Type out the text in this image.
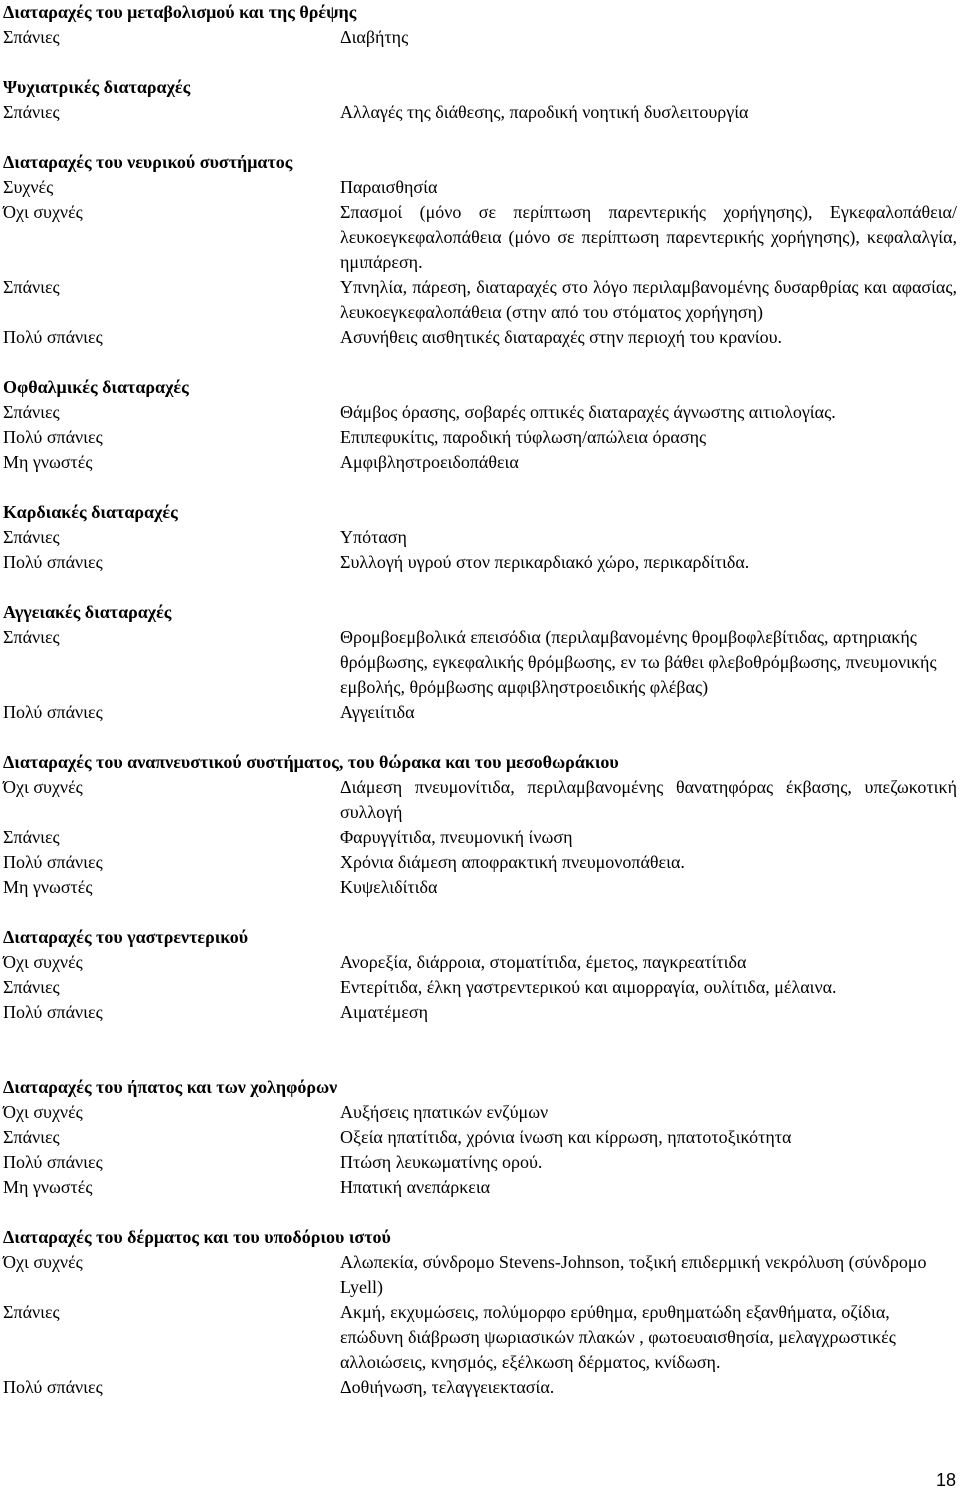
Διαταραχές του μεταβολισμού και της θρέψης
Σπάνιες	Διαβήτης
Ψυχιατρικές διαταραχές
Σπάνιες	Αλλαγές της διάθεσης, παροδική νοητική δυσλειτουργία
Διαταραχές του νευρικού συστήματος
Συχνές	Παραισθησία
Όχι συχνές	Σπασμοί (μόνο σε περίπτωση παρεντερικής χορήγησης), Εγκεφαλοπάθεια/λευκοεγκεφαλοπάθεια (μόνο σε περίπτωση παρεντερικής χορήγησης), κεφαλαλγία, ημιπάρεση.
Σπάνιες	Υπνηλία, πάρεση, διαταραχές στο λόγο περιλαμβανομένης δυσαρθρίας και αφασίας, λευκοεγκεφαλοπάθεια (στην από του στόματος χορήγηση)
Πολύ σπάνιες	Ασυνήθεις αισθητικές διαταραχές στην περιοχή του κρανίου.
Οφθαλμικές διαταραχές
Σπάνιες	Θάμβος όρασης, σοβαρές οπτικές διαταραχές άγνωστης αιτιολογίας.
Πολύ σπάνιες	Επιπεφυκίτις, παροδική τύφλωση/απώλεια όρασης
Μη γνωστές	Αμφιβληστροειδοπάθεια
Καρδιακές διαταραχές
Σπάνιες	Υπόταση
Πολύ σπάνιες	Συλλογή υγρού στον περικαρδιακό χώρο, περικαρδίτιδα.
Αγγειακές διαταραχές
Σπάνιες	Θρομβοεμβολικά επεισόδια (περιλαμβανομένης θρομβοφλεβίτιδας, αρτηριακής θρόμβωσης, εγκεφαλικής θρόμβωσης, εν τω βάθει φλεβοθρόμβωσης, πνευμονικής εμβολής, θρόμβωσης αμφιβληστροειδικής φλέβας)
Πολύ σπάνιες	Αγγειίτιδα
Διαταραχές του αναπνευστικού συστήματος, του θώρακα και του μεσοθωράκιου
Όχι συχνές	Διάμεση πνευμονίτιδα, περιλαμβανομένης θανατηφόρας έκβασης, υπεζωκοτική συλλογή
Σπάνιες	Φαρυγγίτιδα, πνευμονική ίνωση
Πολύ σπάνιες	Χρόνια διάμεση αποφρακτική πνευμονοπάθεια.
Μη γνωστές	Κυψελιδίτιδα
Διαταραχές του γαστρεντερικού
Όχι συχνές	Ανορεξία, διάρροια, στοματίτιδα, έμετος, παγκρεατίτιδα
Σπάνιες	Εντερίτιδα, έλκη γαστρεντερικού και αιμορραγία, ουλίτιδα, μέλαινα.
Πολύ σπάνιες	Αιματέμεση
Διαταραχές του ήπατος και των χοληφόρων
Όχι συχνές	Αυξήσεις ηπατικών ενζύμων
Σπάνιες	Οξεία ηπατίτιδα, χρόνια ίνωση και κίρρωση, ηπατοτοξικότητα
Πολύ σπάνιες	Πτώση λευκωματίνης ορού.
Μη γνωστές	Ηπατική ανεπάρκεια
Διαταραχές του δέρματος και του υποδόριου ιστού
Όχι συχνές	Αλωπεκία, σύνδρομο Stevens-Johnson, τοξική επιδερμική νεκρόλυση (σύνδρομο Lyell)
Σπάνιες	Ακμή, εκχυμώσεις, πολύμορφο ερύθημα, ερυθηματώδη εξανθήματα, οζίδια, επώδυνη διάβρωση ψωριασικών πλακών , φωτοευαισθησία, μελαγχρωστικές αλλοιώσεις, κνησμός, εξέλκωση δέρματος, κνίδωση.
Πολύ σπάνιες	Δοθιήνωση, τελαγγειεκτασία.
18
